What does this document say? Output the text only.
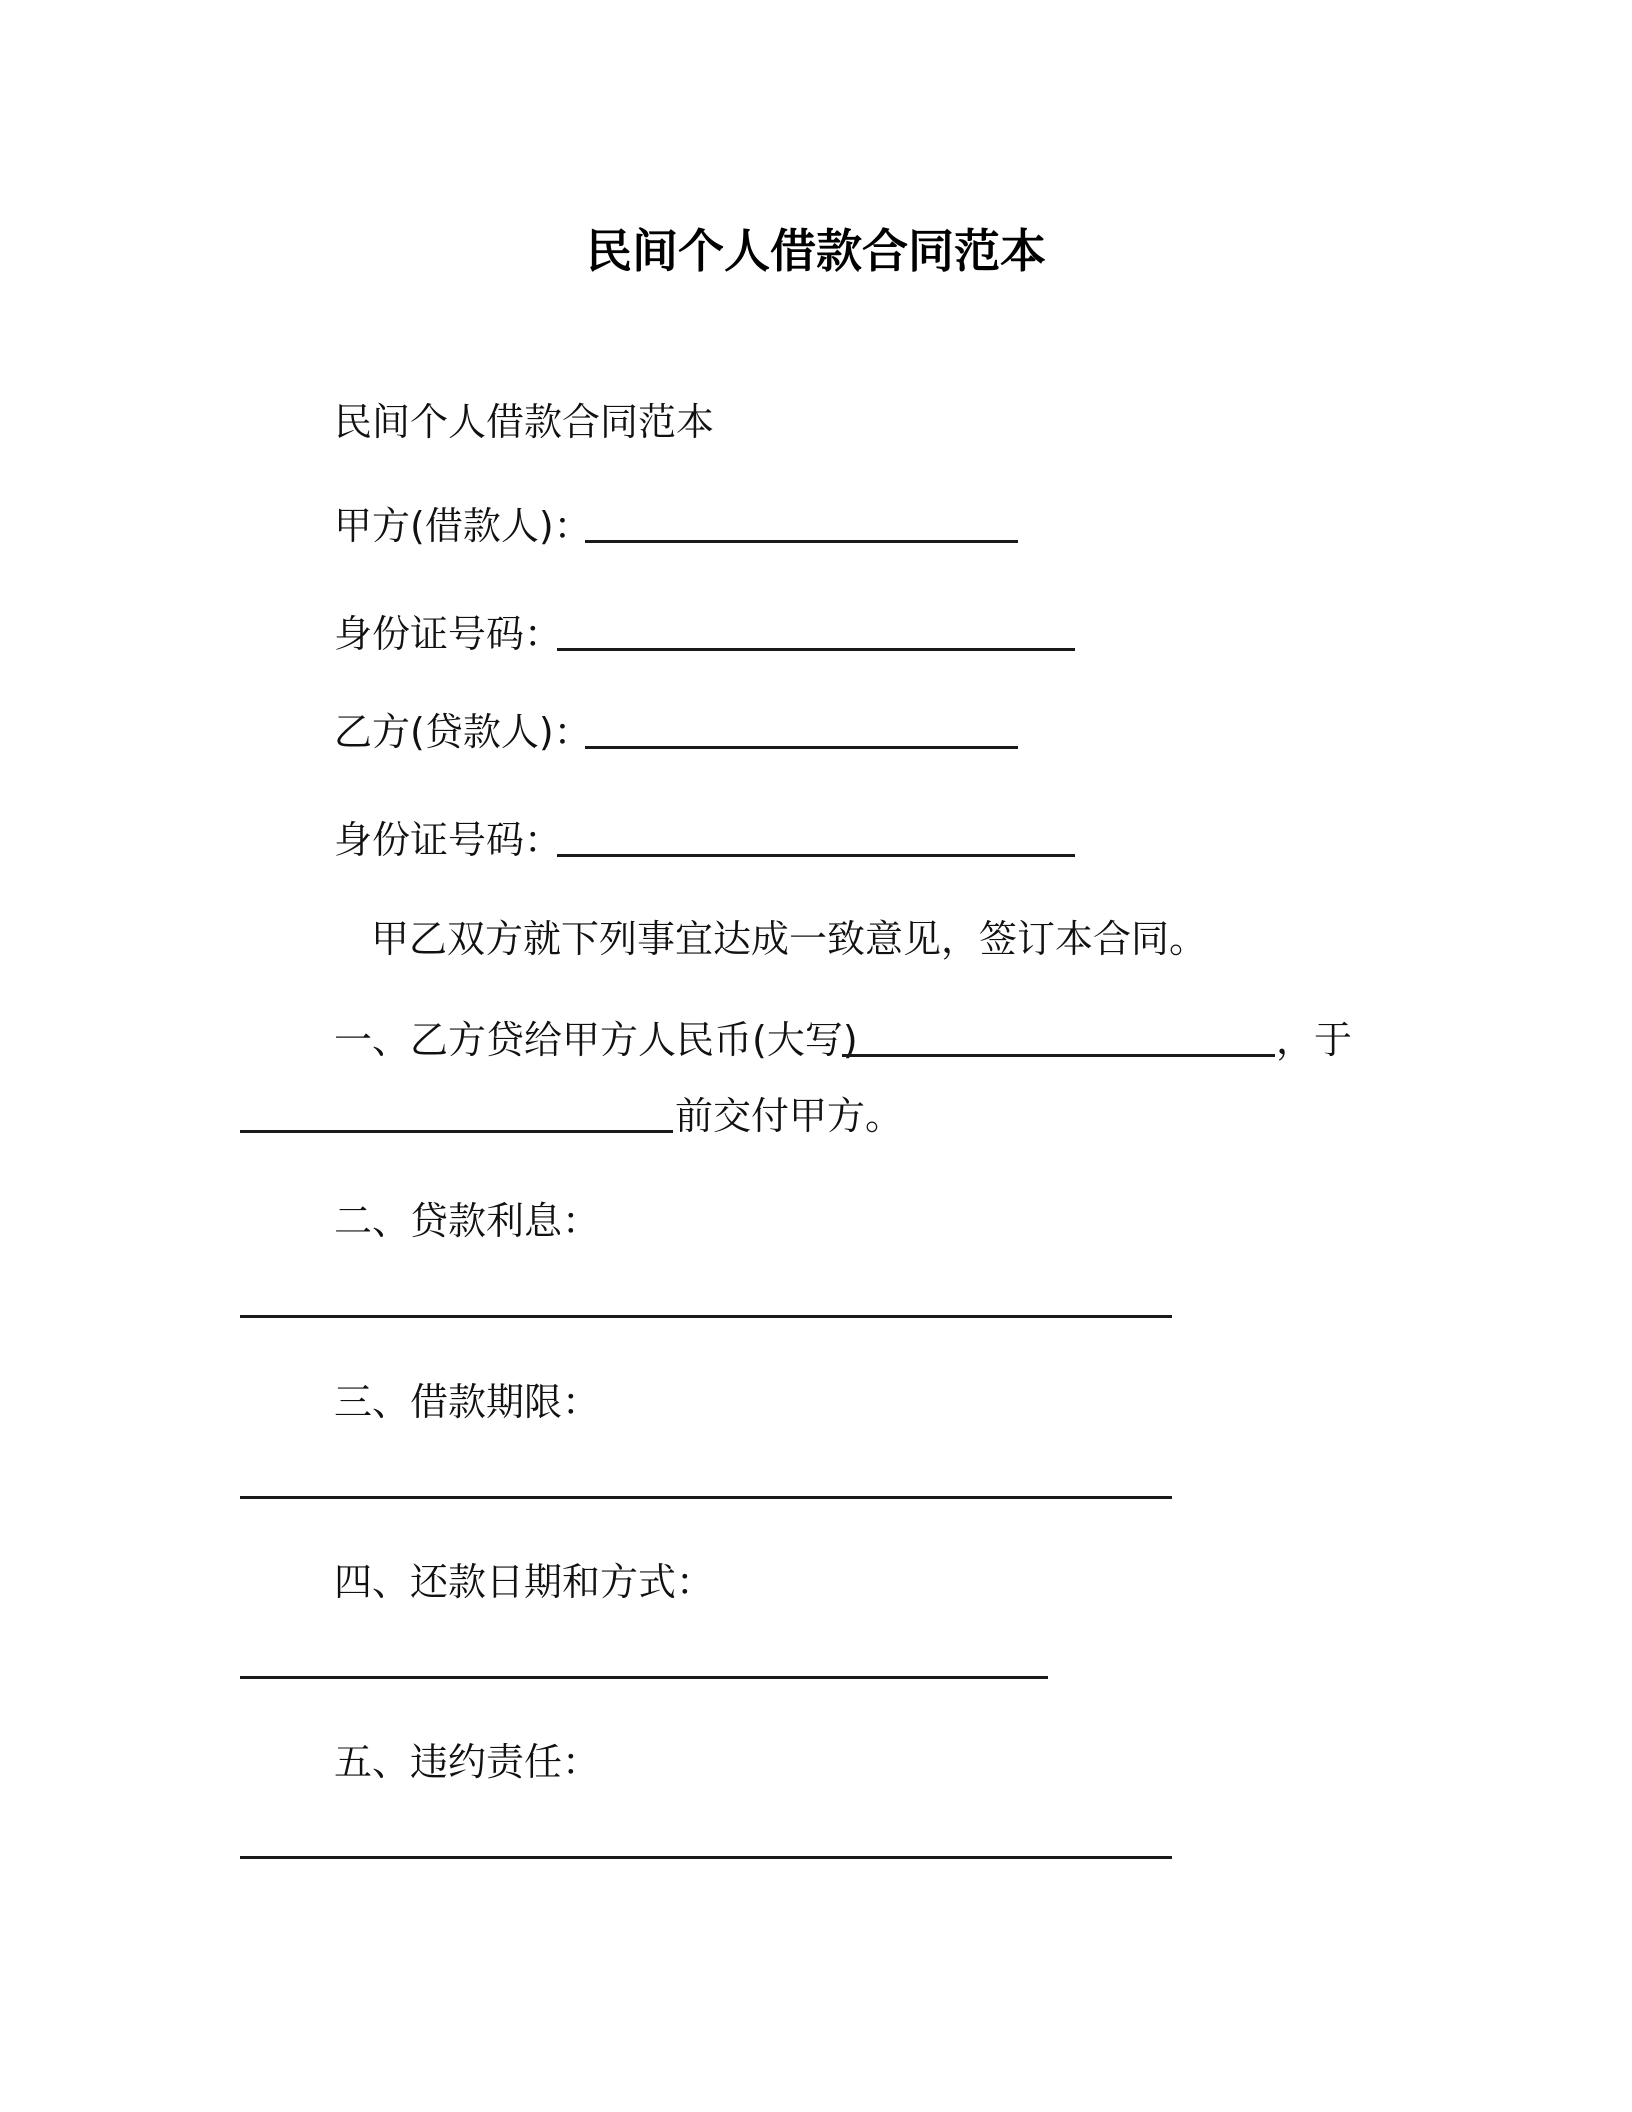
民间个人借款合同范本
民间个人借款合同范本
甲方(借款人)：
身份证号码：
乙方(贷款人)：
身份证号码：
甲乙双方就下列事宜达成一致意见，签订本合同。
一、乙方贷给甲方人民币(大写)	，于
前交付甲方。
二、贷款利息：
三、借款期限：
四、还款日期和方式：
五、违约责任：
